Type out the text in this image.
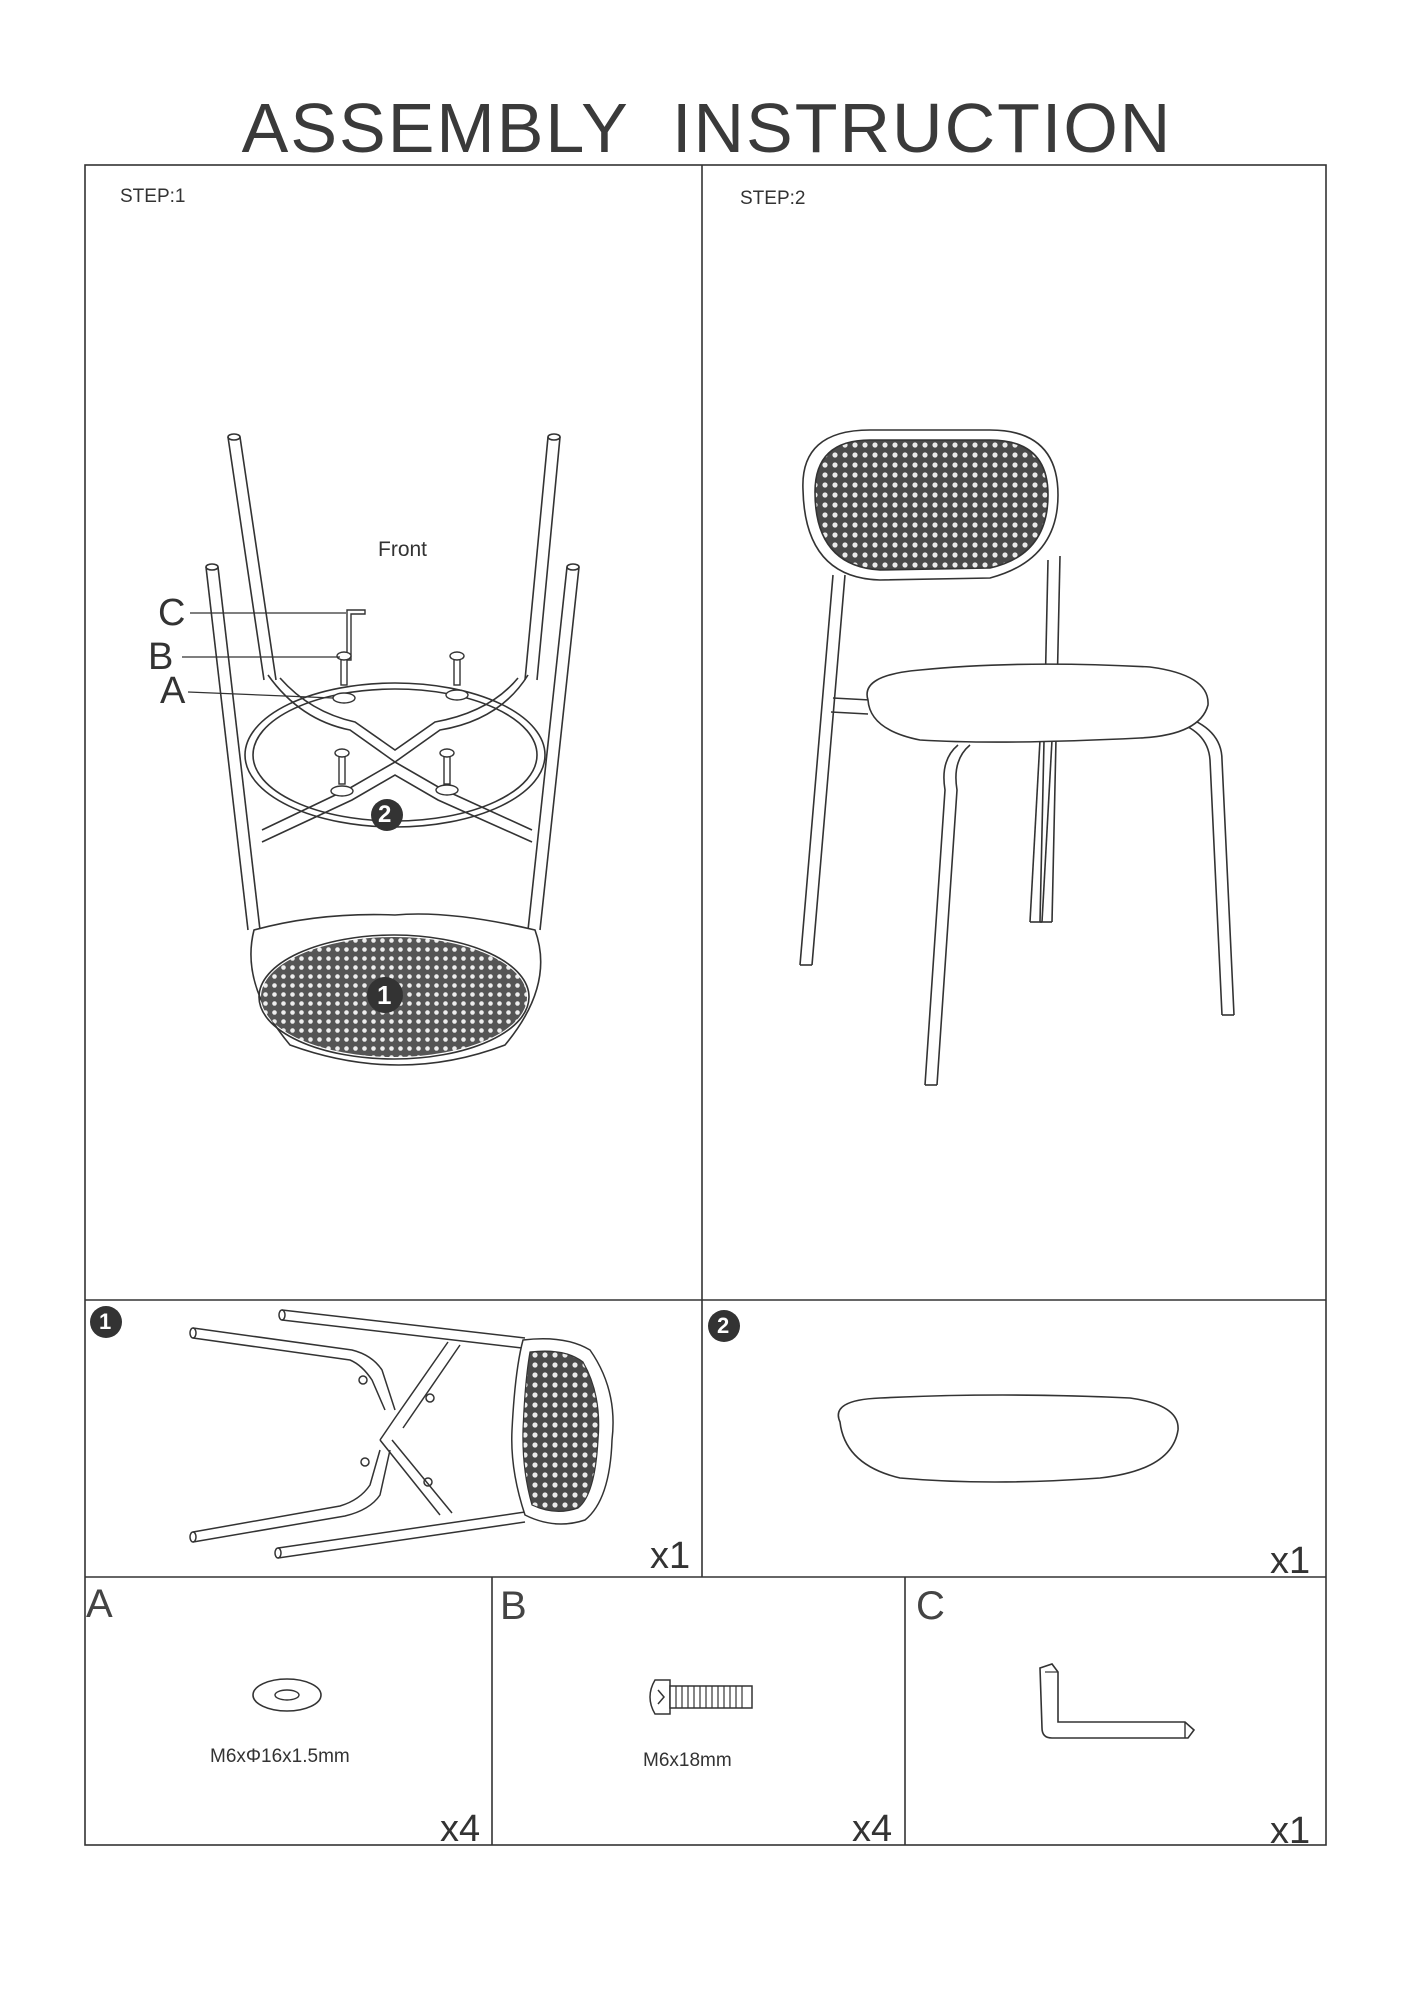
ASSEMBLY INSTRUCTION
STEP:1	STEP:2
Front
C
B
A
2
1
1
x1
2
x1
A
M6xΦ16x1.5mm
x4
B
M6x18mm
x4
C
x1
